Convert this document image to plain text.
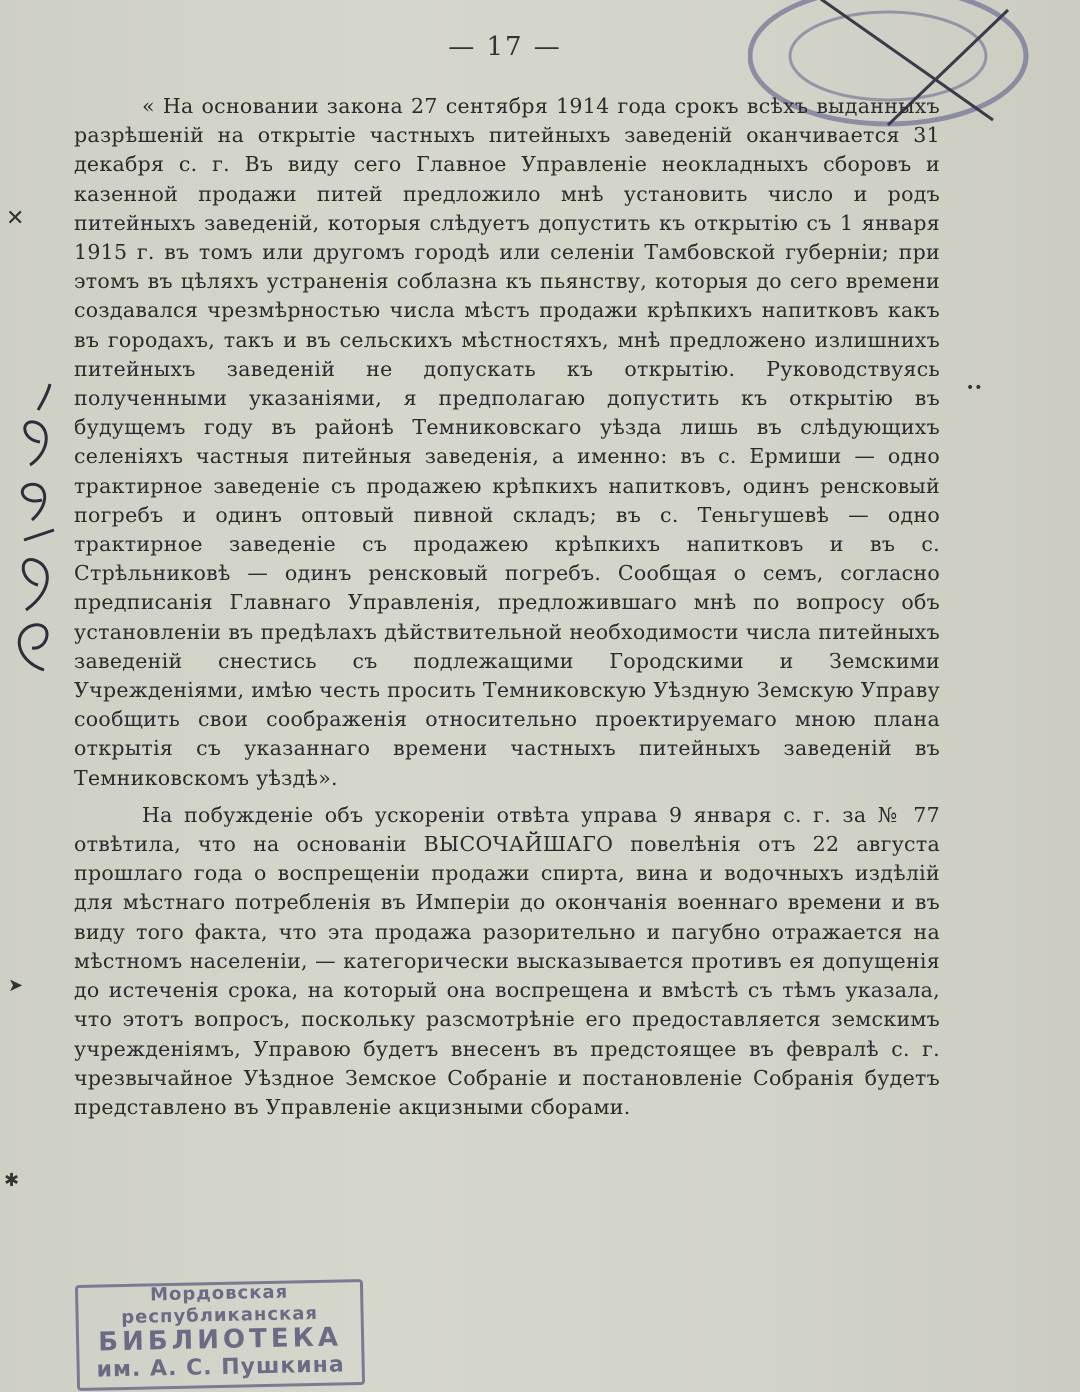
— 17 —
✕
••
➤
✱

« На основании закона 27 сентября 1914 года срокъ всѣхъ выданныхъ разрѣшеній на открытіе частныхъ питейныхъ заведеній оканчивается 31 декабря с. г. Въ виду сего Главное Управленіе неокладныхъ сборовъ и казенной продажи питей предложило мнѣ установить число и родъ питейныхъ заведеній, которыя слѣдуетъ допустить къ открытію съ 1 января 1915 г. въ томъ или другомъ городѣ или селеніи Тамбовской губерніи; при этомъ въ цѣляхъ устраненія соблазна къ пьянству, которыя до сего времени создавался чрезмѣрностью числа мѣстъ продажи крѣпкихъ напитковъ какъ въ городахъ, такъ и въ сельскихъ мѣстностяхъ, мнѣ предложено излишнихъ питейныхъ заведеній не допускать къ открытію. Руководствуясь полученными указаніями, я предполагаю допустить къ открытію въ будущемъ году въ районѣ Темниковскаго уѣзда лишь въ слѣдующихъ селеніяхъ частныя питейныя заведенія, а именно: въ с. Ермиши — одно трактирное заведеніе съ продажею крѣпкихъ напитковъ, одинъ ренсковый погребъ и одинъ оптовый пивной складъ; въ с. Теньгушевѣ — одно трактирное заведеніе съ продажею крѣпкихъ напитковъ и въ с. Стрѣльниковѣ — одинъ ренсковый погребъ. Сообщая о семъ, согласно предписанія Главнаго Управленія, предложившаго мнѣ по вопросу объ установленіи въ предѣлахъ дѣйствительной необходимости числа питейныхъ заведеній снестись съ подлежащими Городскими и Земскими Учрежденіями, имѣю честь просить Темниковскую Уѣздную Земскую Управу сообщить свои соображенія относительно проектируемаго мною плана открытія съ указаннаго времени частныхъ питейныхъ заведеній въ Темниковскомъ уѣздѣ».

На побужденіе объ ускореніи отвѣта управа 9 января с. г. за № 77 отвѣтила, что на основаніи ВЫСОЧАЙШАГО повелѣнія отъ 22 августа прошлаго года о воспрещеніи продажи спирта, вина и водочныхъ издѣлій для мѣстнаго потребленія въ Имперіи до окончанія военнаго времени и въ виду того факта, что эта продажа разорительно и пагубно отражается на мѣстномъ населеніи, — категорически высказывается противъ ея допущенія до истеченія срока, на который она воспрещена и вмѣстѣ съ тѣмъ указала, что этотъ вопросъ, поскольку разсмотрѣніе его предоставляется земскимъ учрежденіямъ, Управою будетъ внесенъ въ предстоящее въ февралѣ с. г. чрезвычайное Уѣздное Земское Собраніе и постановленіе Собранія будетъ представлено въ Управленіе акцизными сборами.

Мордовская
республиканская
БИБЛИОТЕКА
им. А. С. Пушкина
